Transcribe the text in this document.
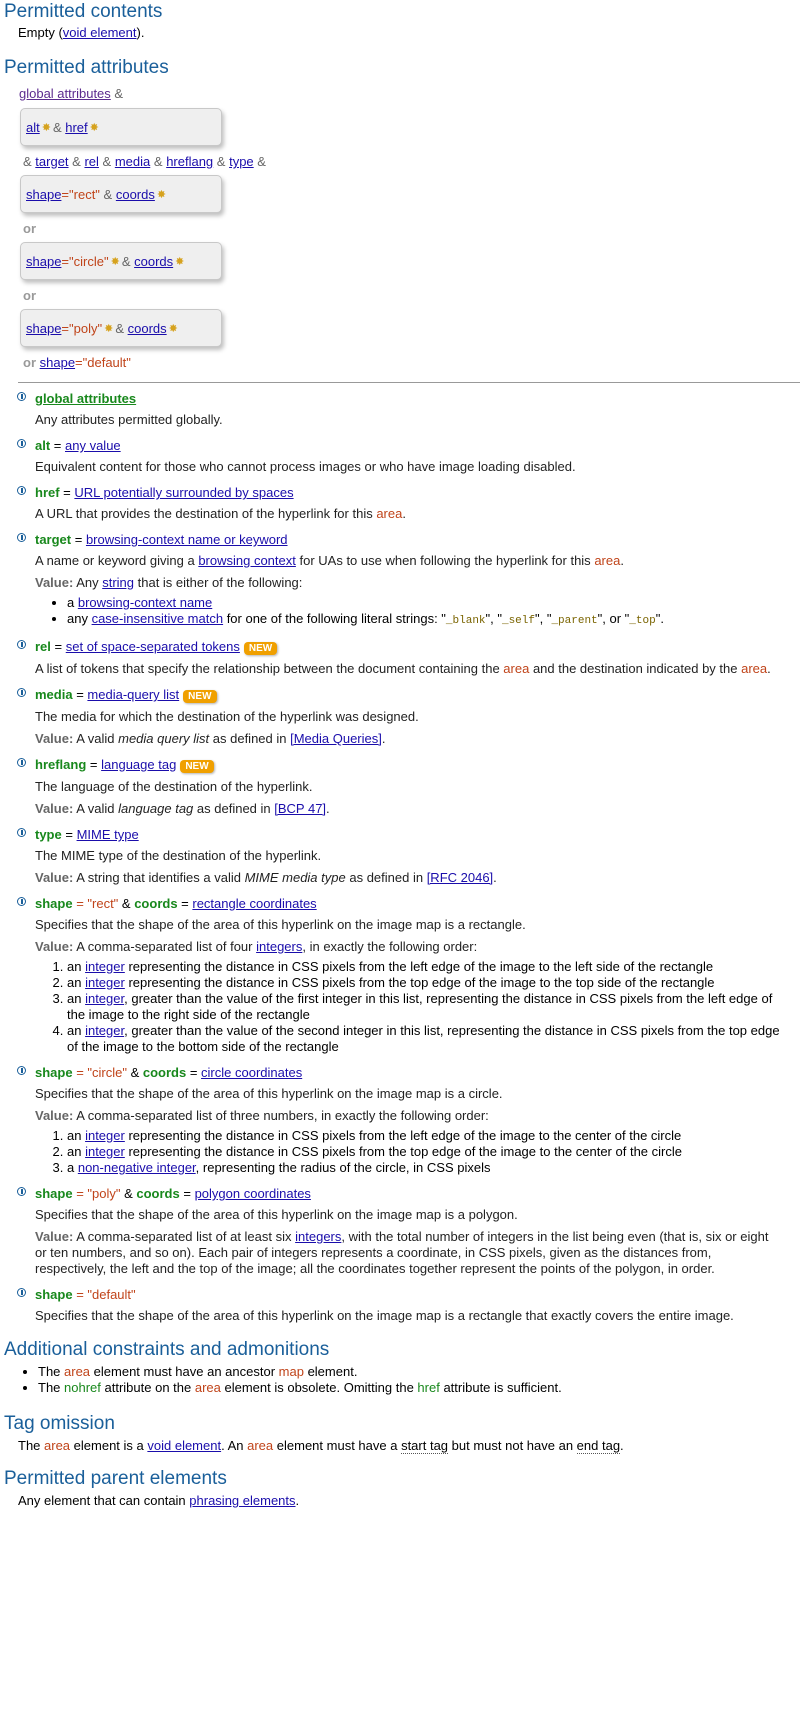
Permitted contents
Empty (void element).
Permitted attributes
global attributes &
alt ✸ &
href ✸
& target & rel & media & hreflang & type &
shape ="rect"
&
coords ✸
or
shape ="circle" ✸ &
coords ✸
or
shape ="poly" ✸ &
coords ✸
or shape="default"
global attributes
Any attributes permitted globally.
alt = any value
Equivalent content for those who cannot process images or who have image loading disabled.
href = URL potentially surrounded by spaces
A URL that provides the destination of the hyperlink for this area.
target = browsing-context name or keyword
A name or keyword giving a browsing context for UAs to use when following the hyperlink for this area.
Value: Any string that is either of the following:
• a browsing-context name
• any case-insensitive match for one of the following literal strings: "_blank", "_self", "_parent", or "_top".
rel = set of space-separated tokens NEW
A list of tokens that specify the relationship between the document containing the area and the destination indicated by the area.
media = media-query list NEW
The media for which the destination of the hyperlink was designed.
Value: A valid media query list as defined in [Media Queries].
hreflang = language tag NEW
The language of the destination of the hyperlink.
Value: A valid language tag as defined in [BCP 47].
type = MIME type
The MIME type of the destination of the hyperlink.
Value: A string that identifies a valid MIME media type as defined in [RFC 2046].
shape = "rect" & coords = rectangle coordinates
Specifies that the shape of the area of this hyperlink on the image map is a rectangle.
Value: A comma-separated list of four integers, in exactly the following order:
1. an integer representing the distance in CSS pixels from the left edge of the image to the left side of the rectangle
2. an integer representing the distance in CSS pixels from the top edge of the image to the top side of the rectangle
3. an integer, greater than the value of the first integer in this list, representing the distance in CSS pixels from the left edge of the image to the right side of the rectangle
4. an integer, greater than the value of the second integer in this list, representing the distance in CSS pixels from the top edge of the image to the bottom side of the rectangle
shape = "circle" & coords = circle coordinates
Specifies that the shape of the area of this hyperlink on the image map is a circle.
Value: A comma-separated list of three numbers, in exactly the following order:
1. an integer representing the distance in CSS pixels from the left edge of the image to the center of the circle
2. an integer representing the distance in CSS pixels from the top edge of the image to the center of the circle
3. a non-negative integer, representing the radius of the circle, in CSS pixels
shape = "poly" & coords = polygon coordinates
Specifies that the shape of the area of this hyperlink on the image map is a polygon.
Value: A comma-separated list of at least six integers, with the total number of integers in the list being even (that is, six or eight or ten numbers, and so on). Each pair of integers represents a coordinate, in CSS pixels, given as the distances from, respectively, the left and the top of the image; all the coordinates together represent the points of the polygon, in order.
shape = "default"
Specifies that the shape of the area of this hyperlink on the image map is a rectangle that exactly covers the entire image.
Additional constraints and admonitions
• The area element must have an ancestor map element.
• The nohref attribute on the area element is obsolete. Omitting the href attribute is sufficient.
Tag omission
The area element is a void element. An area element must have a start tag but must not have an end tag.
Permitted parent elements
Any element that can contain phrasing elements.
